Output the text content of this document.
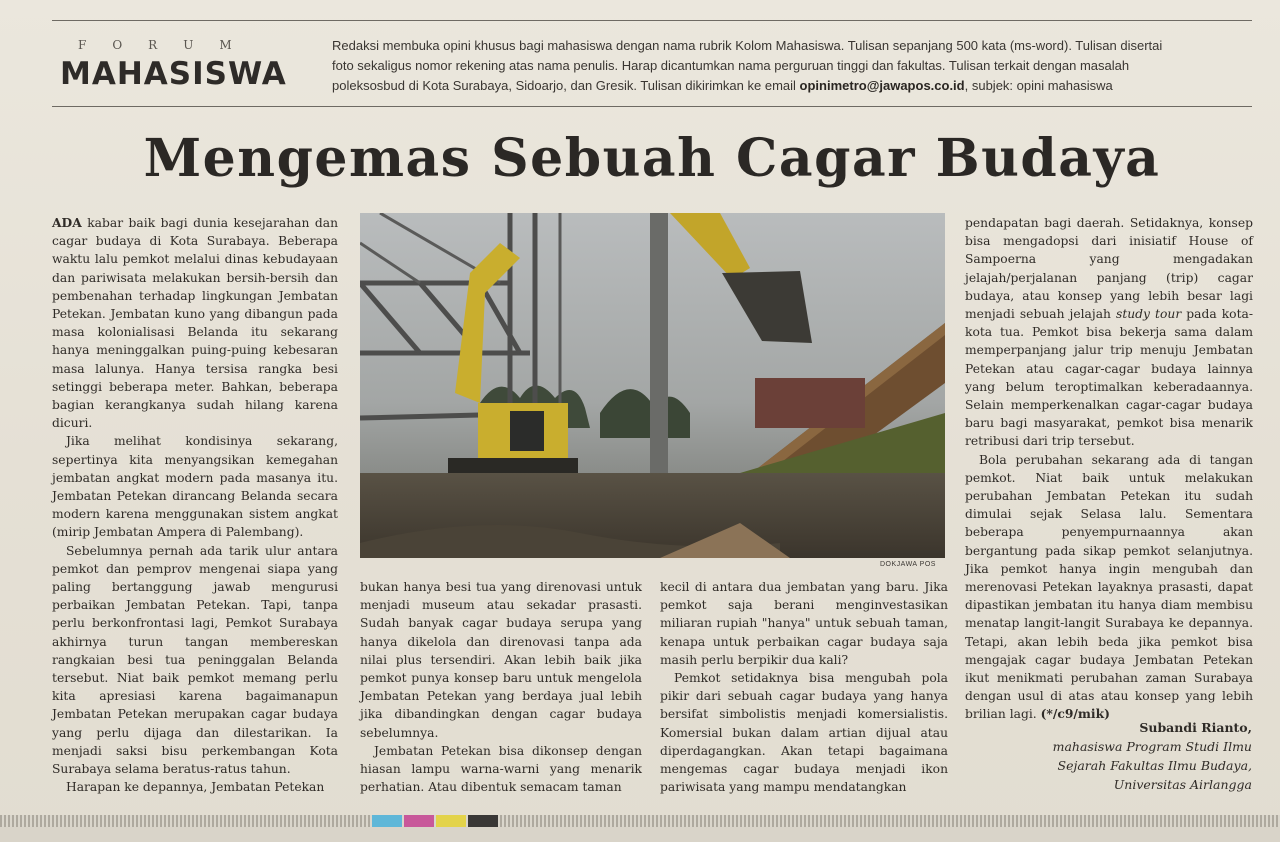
FORUM
MAHASISWA
Redaksi membuka opini khusus bagi mahasiswa dengan nama rubrik Kolom Mahasiswa. Tulisan sepanjang 500 kata (ms-word). Tulisan disertai
foto sekaligus nomor rekening atas nama penulis. Harap dicantumkan nama perguruan tinggi dan fakultas. Tulisan terkait dengan masalah
poleksosbud di Kota Surabaya, Sidoarjo, dan Gresik. Tulisan dikirimkan ke email opinimetro@jawapos.co.id, subjek: opini mahasiswa
Mengemas Sebuah Cagar Budaya

ADA kabar baik bagi dunia kesejarahan dan cagar budaya di Kota Surabaya. Beberapa waktu lalu pemkot melalui dinas kebudayaan dan pariwisata melakukan bersih-bersih dan pembenahan terhadap lingkungan Jembatan Petekan. Jembatan kuno yang dibangun pada masa kolonialisasi Belanda itu sekarang hanya meninggalkan puing-puing kebesaran masa lalunya. Hanya tersisa rangka besi setinggi beberapa meter. Bahkan, beberapa bagian kerangkanya sudah hilang karena dicuri.

Jika melihat kondisinya sekarang, sepertinya kita menyangsikan kemegahan jembatan angkat modern pada masanya itu. Jembatan Petekan dirancang Belanda secara modern karena menggunakan sistem angkat (mirip Jembatan Ampera di Palembang).

Sebelumnya pernah ada tarik ulur antara pemkot dan pemprov mengenai siapa yang paling bertanggung jawab mengurusi perbaikan Jembatan Petekan. Tapi, tanpa perlu berkonfrontasi lagi, Pemkot Surabaya akhirnya turun tangan membereskan rangkaian besi tua peninggalan Belanda tersebut. Niat baik pemkot memang perlu kita apresiasi karena bagaimanapun Jembatan Petekan merupakan cagar budaya yang perlu dijaga dan dilestarikan. Ia menjadi saksi bisu perkembangan Kota Surabaya selama beratus-ratus tahun.

Harapan ke depannya, Jembatan Petekan

DOKJAWA POS

bukan hanya besi tua yang direnovasi untuk menjadi museum atau sekadar prasasti. Sudah banyak cagar budaya serupa yang hanya dikelola dan direnovasi tanpa ada nilai plus tersendiri. Akan lebih baik jika pemkot punya konsep baru untuk mengelola Jembatan Petekan yang berdaya jual lebih jika dibandingkan dengan cagar budaya sebelumnya.

Jembatan Petekan bisa dikonsep dengan hiasan lampu warna-warni yang menarik perhatian. Atau dibentuk semacam taman

kecil di antara dua jembatan yang baru. Jika pemkot saja berani menginvestasikan miliaran rupiah "hanya" untuk sebuah taman, kenapa untuk perbaikan cagar budaya saja masih perlu berpikir dua kali?

Pemkot setidaknya bisa mengubah pola pikir dari sebuah cagar budaya yang hanya bersifat simbolistis menjadi komersialistis. Komersial bukan dalam artian dijual atau diperdagangkan. Akan tetapi bagaimana mengemas cagar budaya menjadi ikon pariwisata yang mampu mendatangkan

pendapatan bagi daerah. Setidaknya, konsep bisa mengadopsi dari inisiatif House of Sampoerna yang mengadakan jelajah/perjalanan panjang (trip) cagar budaya, atau konsep yang lebih besar lagi menjadi sebuah jelajah study tour pada kota-kota tua. Pemkot bisa bekerja sama dalam memperpanjang jalur trip menuju Jembatan Petekan atau cagar-cagar budaya lainnya yang belum teroptimalkan keberadaannya. Selain memperkenalkan cagar-cagar budaya baru bagi masyarakat, pemkot bisa menarik retribusi dari trip tersebut.

Bola perubahan sekarang ada di tangan pemkot. Niat baik untuk melakukan perubahan Jembatan Petekan itu sudah dimulai sejak Selasa lalu. Sementara beberapa penyempurnaannya akan bergantung pada sikap pemkot selanjutnya. Jika pemkot hanya ingin mengubah dan merenovasi Petekan layaknya prasasti, dapat dipastikan jembatan itu hanya diam membisu menatap langit-langit Surabaya ke depannya. Tetapi, akan lebih beda jika pemkot bisa mengajak cagar budaya Jembatan Petekan ikut menikmati perubahan zaman Surabaya dengan usul di atas atau konsep yang lebih brilian lagi. (*/c9/mik)

Subandi Rianto,
mahasiswa Program Studi Ilmu
Sejarah Fakultas Ilmu Budaya,
Universitas Airlangga
